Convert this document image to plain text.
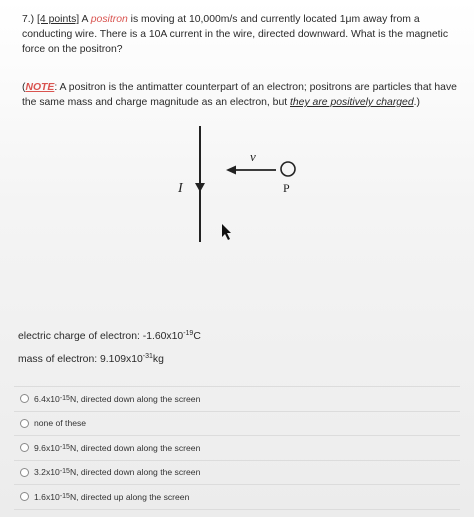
7.) [4 points] A positron is moving at 10,000m/s and currently located 1μm away from a conducting wire. There is a 10A current in the wire, directed downward. What is the magnetic force on the positron?
(NOTE: A positron is the antimatter counterpart of an electron; positrons are particles that have the same mass and charge magnitude as an electron, but they are positively charged.)
I
v
P
electric charge of electron: $-1.60x10^{-19}C$
mass of electron: $9.109x10^{-31}kg$
6.4x10 -15 N, directed down along the screen
none of these
9.6x10 -15 N, directed down along the screen
3.2x10 -15 N, directed down along the screen
1.6x10 -15 N, directed up along the screen
